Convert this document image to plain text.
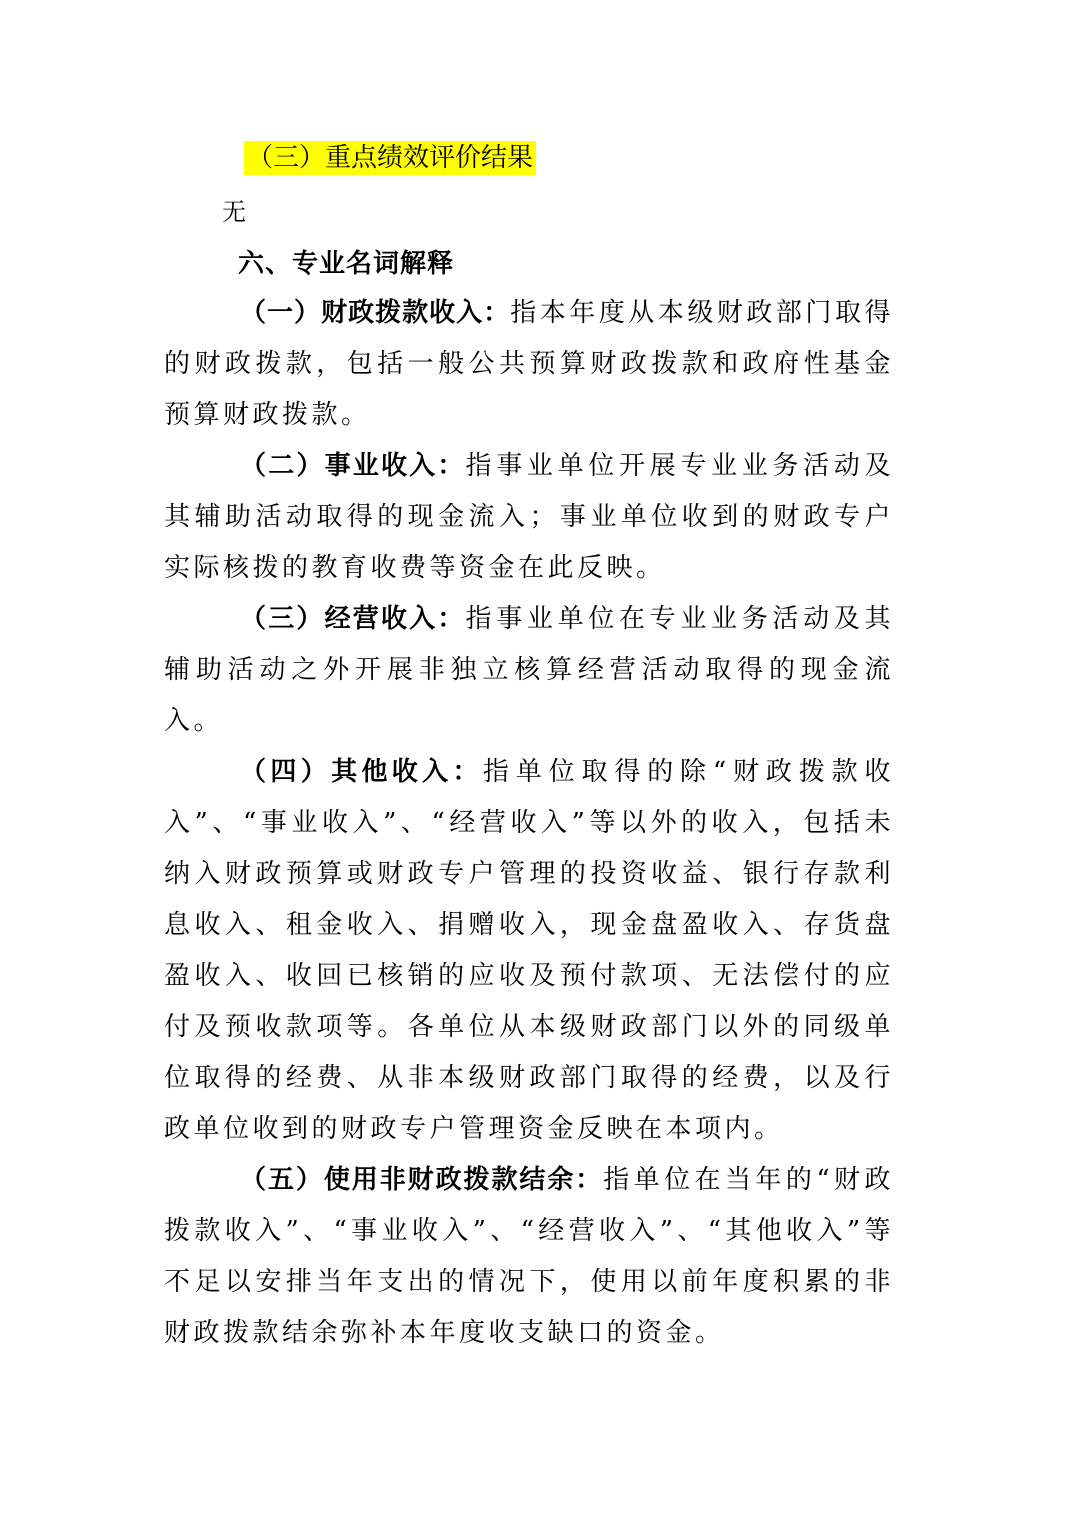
（三）重点绩效评价结果
无
六、专业名词解释

（一）财政拨款收入：指本年度从本级财政部门取得的财政拨款，包括一般公共预算财政拨款和政府性基金预算财政拨款。

（二）事业收入：指事业单位开展专业业务活动及其辅助活动取得的现金流入；事业单位收到的财政专户实际核拨的教育收费等资金在此反映。

（三）经营收入：指事业单位在专业业务活动及其辅助活动之外开展非独立核算经营活动取得的现金流入。

（四）其他收入：指单位取得的除“财政拨款收入”、“事业收入”、“经营收入”等以外的收入，包括未纳入财政预算或财政专户管理的投资收益、银行存款利息收入、租金收入、捐赠收入，现金盘盈收入、存货盘盈收入、收回已核销的应收及预付款项、无法偿付的应付及预收款项等。各单位从本级财政部门以外的同级单位取得的经费、从非本级财政部门取得的经费，以及行政单位收到的财政专户管理资金反映在本项内。

（五）使用非财政拨款结余：指单位在当年的“财政拨款收入”、“事业收入”、“经营收入”、“其他收入”等不足以安排当年支出的情况下，使用以前年度积累的非财政拨款结余弥补本年度收支缺口的资金。
